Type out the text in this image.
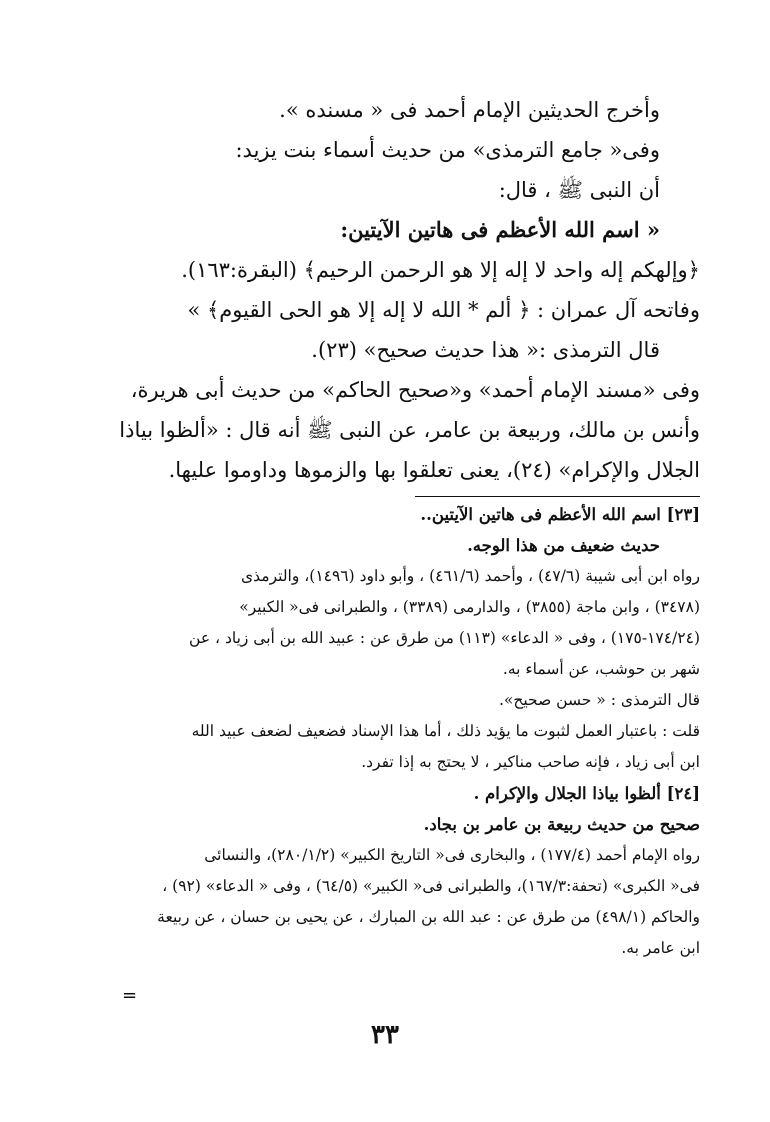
وأخرج الحديثين الإمام أحمد فى « مسنده ».
وفى« جامع الترمذى» من حديث أسماء بنت يزيد:
أن النبى ﷺ ، قال:
« اسم الله الأعظم فى هاتين الآيتين:
﴿وإلهكم إله واحد لا إله إلا هو الرحمن الرحيم﴾ (البقرة:١٦٣).
وفاتحه آل عمران : ﴿ ألم * الله لا إله إلا هو الحى القيوم﴾ »
قال الترمذى :« هذا حديث صحيح» (٢٣).
وفى «مسند الإمام أحمد» و«صحيح الحاكم» من حديث أبى هريرة،
وأنس بن مالك، وربيعة بن عامر، عن النبى ﷺ أنه قال : «ألظوا بياذا
الجلال والإكرام» (٢٤)، يعنى تعلقوا بها والزموها وداوموا عليها.
[٢٣] اسم الله الأعظم فى هاتين الآيتين..
حديث ضعيف من هذا الوجه.
رواه ابن أبى شيبة (٤٧/٦) ، وأحمد (٤٦١/٦) ، وأبو داود (١٤٩٦)، والترمذى
(٣٤٧٨) ، وابن ماجة (٣٨٥٥) ، والدارمى (٣٣٨٩) ، والطبرانى فى« الكبير»
(١٧٤/٢٤-١٧٥) ، وفى « الدعاء» (١١٣) من طرق عن : عبيد الله بن أبى زياد ، عن
شهر بن حوشب، عن أسماء به.
قال الترمذى : « حسن صحيح».
قلت : باعتبار العمل لثبوت ما يؤيد ذلك ، أما هذا الإسناد فضعيف لضعف عبيد الله
ابن أبى زياد ، فإنه صاحب مناكير ، لا يحتج به إذا تفرد.
[٢٤] ألظوا بياذا الجلال والإكرام .
صحيح من حديث ربيعة بن عامر بن بجاد.
رواه الإمام أحمد (١٧٧/٤) ، والبخارى فى« التاريخ الكبير» (٢٨٠/١/٢)، والنسائى
فى« الكبرى» (تحفة:١٦٧/٣)، والطبرانى فى« الكبير» (٦٤/٥) ، وفى « الدعاء» (٩٢) ،
والحاكم (٤٩٨/١) من طرق عن : عبد الله بن المبارك ، عن يحيى بن حسان ، عن ربيعة
ابن عامر به.
=
٣٣
